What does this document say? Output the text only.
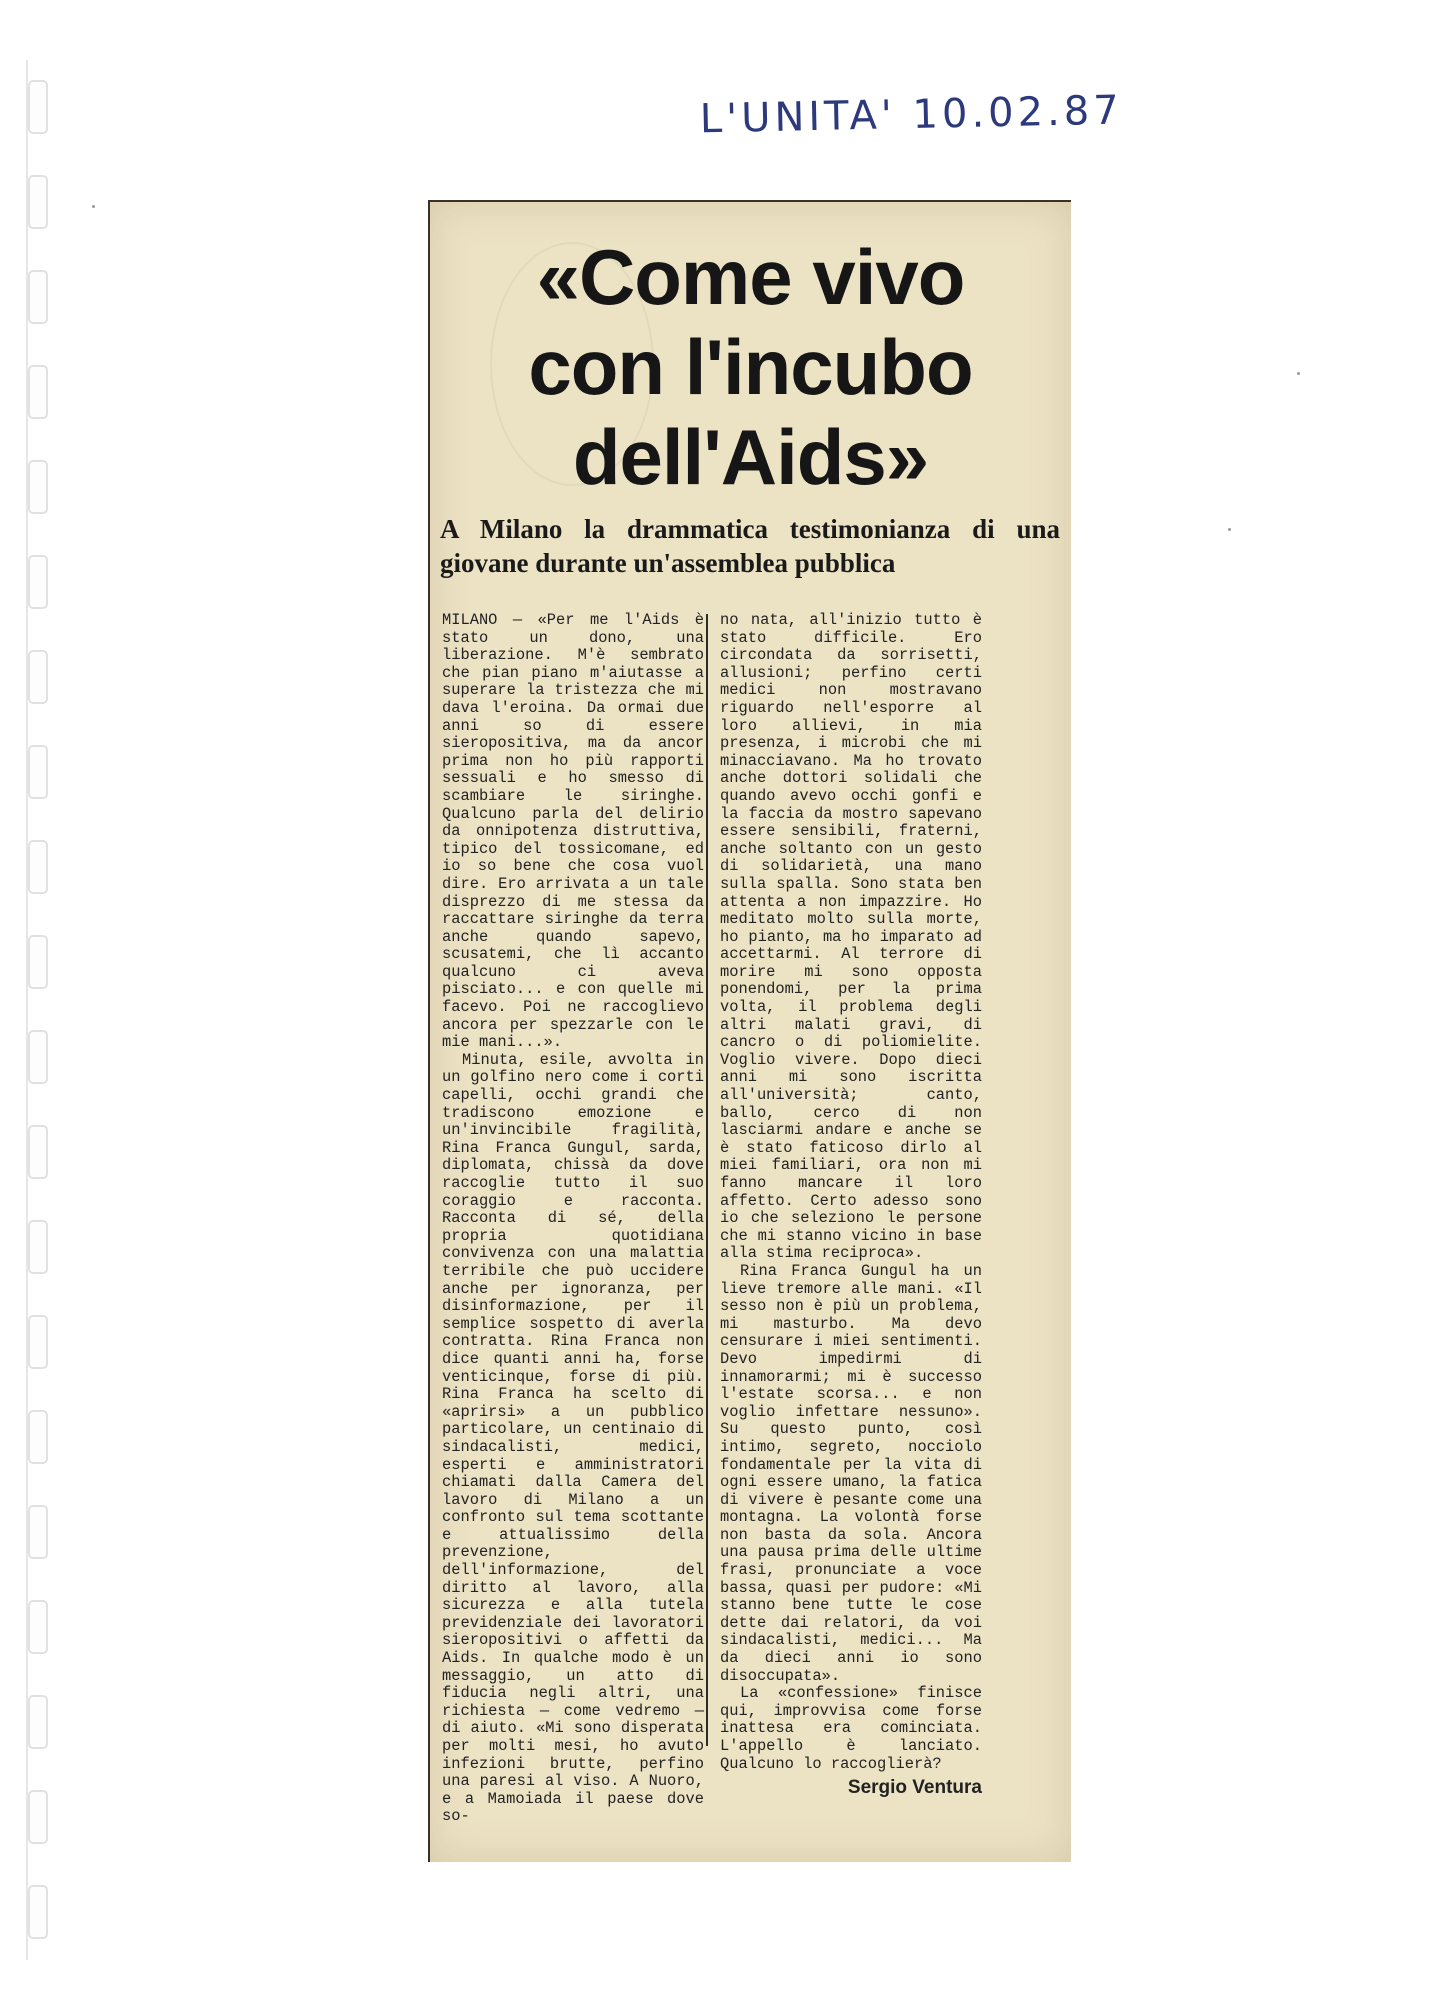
L'UNITA' 10.02.87
«Come vivo
con l'incubo
dell'Aids»
A Milano la drammatica testimonianza di una giovane durante un'assemblea pubblica

MILANO — «Per me l'Aids è stato un dono, una liberazione. M'è sembrato che pian piano m'aiutasse a superare la tristezza che mi dava l'eroina. Da ormai due anni so di essere sieropositiva, ma da ancor prima non ho più rapporti sessuali e ho smesso di scambiare le siringhe. Qualcuno parla del delirio da onnipotenza distruttiva, tipico del tossicomane, ed io so bene che cosa vuol dire. Ero arrivata a un tale disprezzo di me stessa da raccattare siringhe da terra anche quando sapevo, scusatemi, che lì accanto qualcuno ci aveva pisciato... e con quelle mi facevo. Poi ne raccoglievo ancora per spezzarle con le mie mani...».

Minuta, esile, avvolta in un golfino nero come i corti capelli, occhi grandi che tradiscono emozione e un'invincibile fragilità, Rina Franca Gungul, sarda, diplomata, chissà da dove raccoglie tutto il suo coraggio e racconta. Racconta di sé, della propria quotidiana convivenza con una malattia terribile che può uccidere anche per ignoranza, per disinformazione, per il semplice sospetto di averla contratta. Rina Franca non dice quanti anni ha, forse venticinque, forse di più. Rina Franca ha scelto di «aprirsi» a un pubblico particolare, un centinaio di sindacalisti, medici, esperti e amministratori chiamati dalla Camera del lavoro di Milano a un confronto sul tema scottante e attualissimo della prevenzione, dell'informazione, del diritto al lavoro, alla sicurezza e alla tutela previdenziale dei lavoratori sieropositivi o affetti da Aids. In qualche modo è un messaggio, un atto di fiducia negli altri, una richiesta — come vedremo — di aiuto. «Mi sono disperata per molti mesi, ho avuto infezioni brutte, perfino una paresi al viso. A Nuoro, e a Mamoiada il paese dove so-

no nata, all'inizio tutto è stato difficile. Ero circondata da sorrisetti, allusioni; perfino certi medici non mostravano riguardo nell'esporre al loro allievi, in mia presenza, i microbi che mi minacciavano. Ma ho trovato anche dottori solidali che quando avevo occhi gonfi e la faccia da mostro sapevano essere sensibili, fraterni, anche soltanto con un gesto di solidarietà, una mano sulla spalla. Sono stata ben attenta a non impazzire. Ho meditato molto sulla morte, ho pianto, ma ho imparato ad accettarmi. Al terrore di morire mi sono opposta ponendomi, per la prima volta, il problema degli altri malati gravi, di cancro o di poliomielite. Voglio vivere. Dopo dieci anni mi sono iscritta all'università; canto, ballo, cerco di non lasciarmi andare e anche se è stato faticoso dirlo al miei familiari, ora non mi fanno mancare il loro affetto. Certo adesso sono io che seleziono le persone che mi stanno vicino in base alla stima reciproca».

Rina Franca Gungul ha un lieve tremore alle mani. «Il sesso non è più un problema, mi masturbo. Ma devo censurare i miei sentimenti. Devo impedirmi di innamorarmi; mi è successo l'estate scorsa... e non voglio infettare nessuno». Su questo punto, così intimo, segreto, nocciolo fondamentale per la vita di ogni essere umano, la fatica di vivere è pesante come una montagna. La volontà forse non basta da sola. Ancora una pausa prima delle ultime frasi, pronunciate a voce bassa, quasi per pudore: «Mi stanno bene tutte le cose dette dai relatori, da voi sindacalisti, medici... Ma da dieci anni io sono disoccupata».

La «confessione» finisce qui, improvvisa come forse inattesa era cominciata. L'appello è lanciato. Qualcuno lo raccoglierà?

Sergio Ventura
